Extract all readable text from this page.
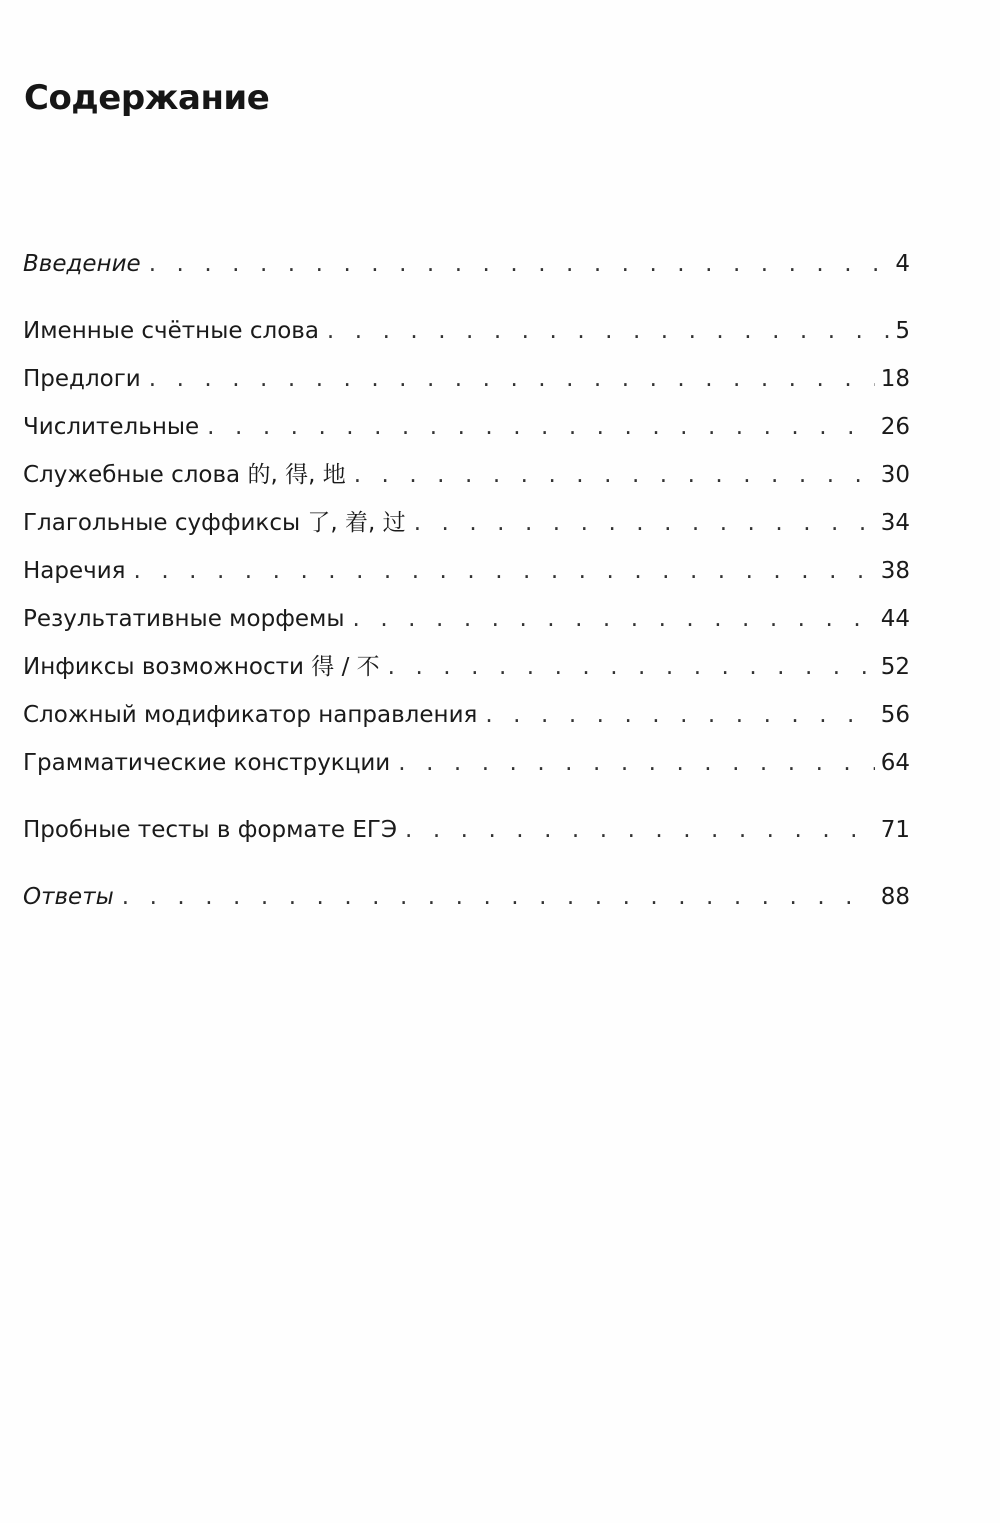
Содержание
Введение . . .	4
Именные счётные слова . . .	5
Предлоги . . .	18
Числительные . . .	26
Служебные слова 的, 得, 地 . . .	30
Глагольные суффиксы 了, 着, 过 . . .	34
Наречия . . .	38
Результативные морфемы . . .	44
Инфиксы возможности 得 / 不 . . .	52
Сложный модификатор направления . . .	56
Грамматические конструкции . . .	64
Пробные тесты в формате ЕГЭ . . .	71
Ответы . . .	88
